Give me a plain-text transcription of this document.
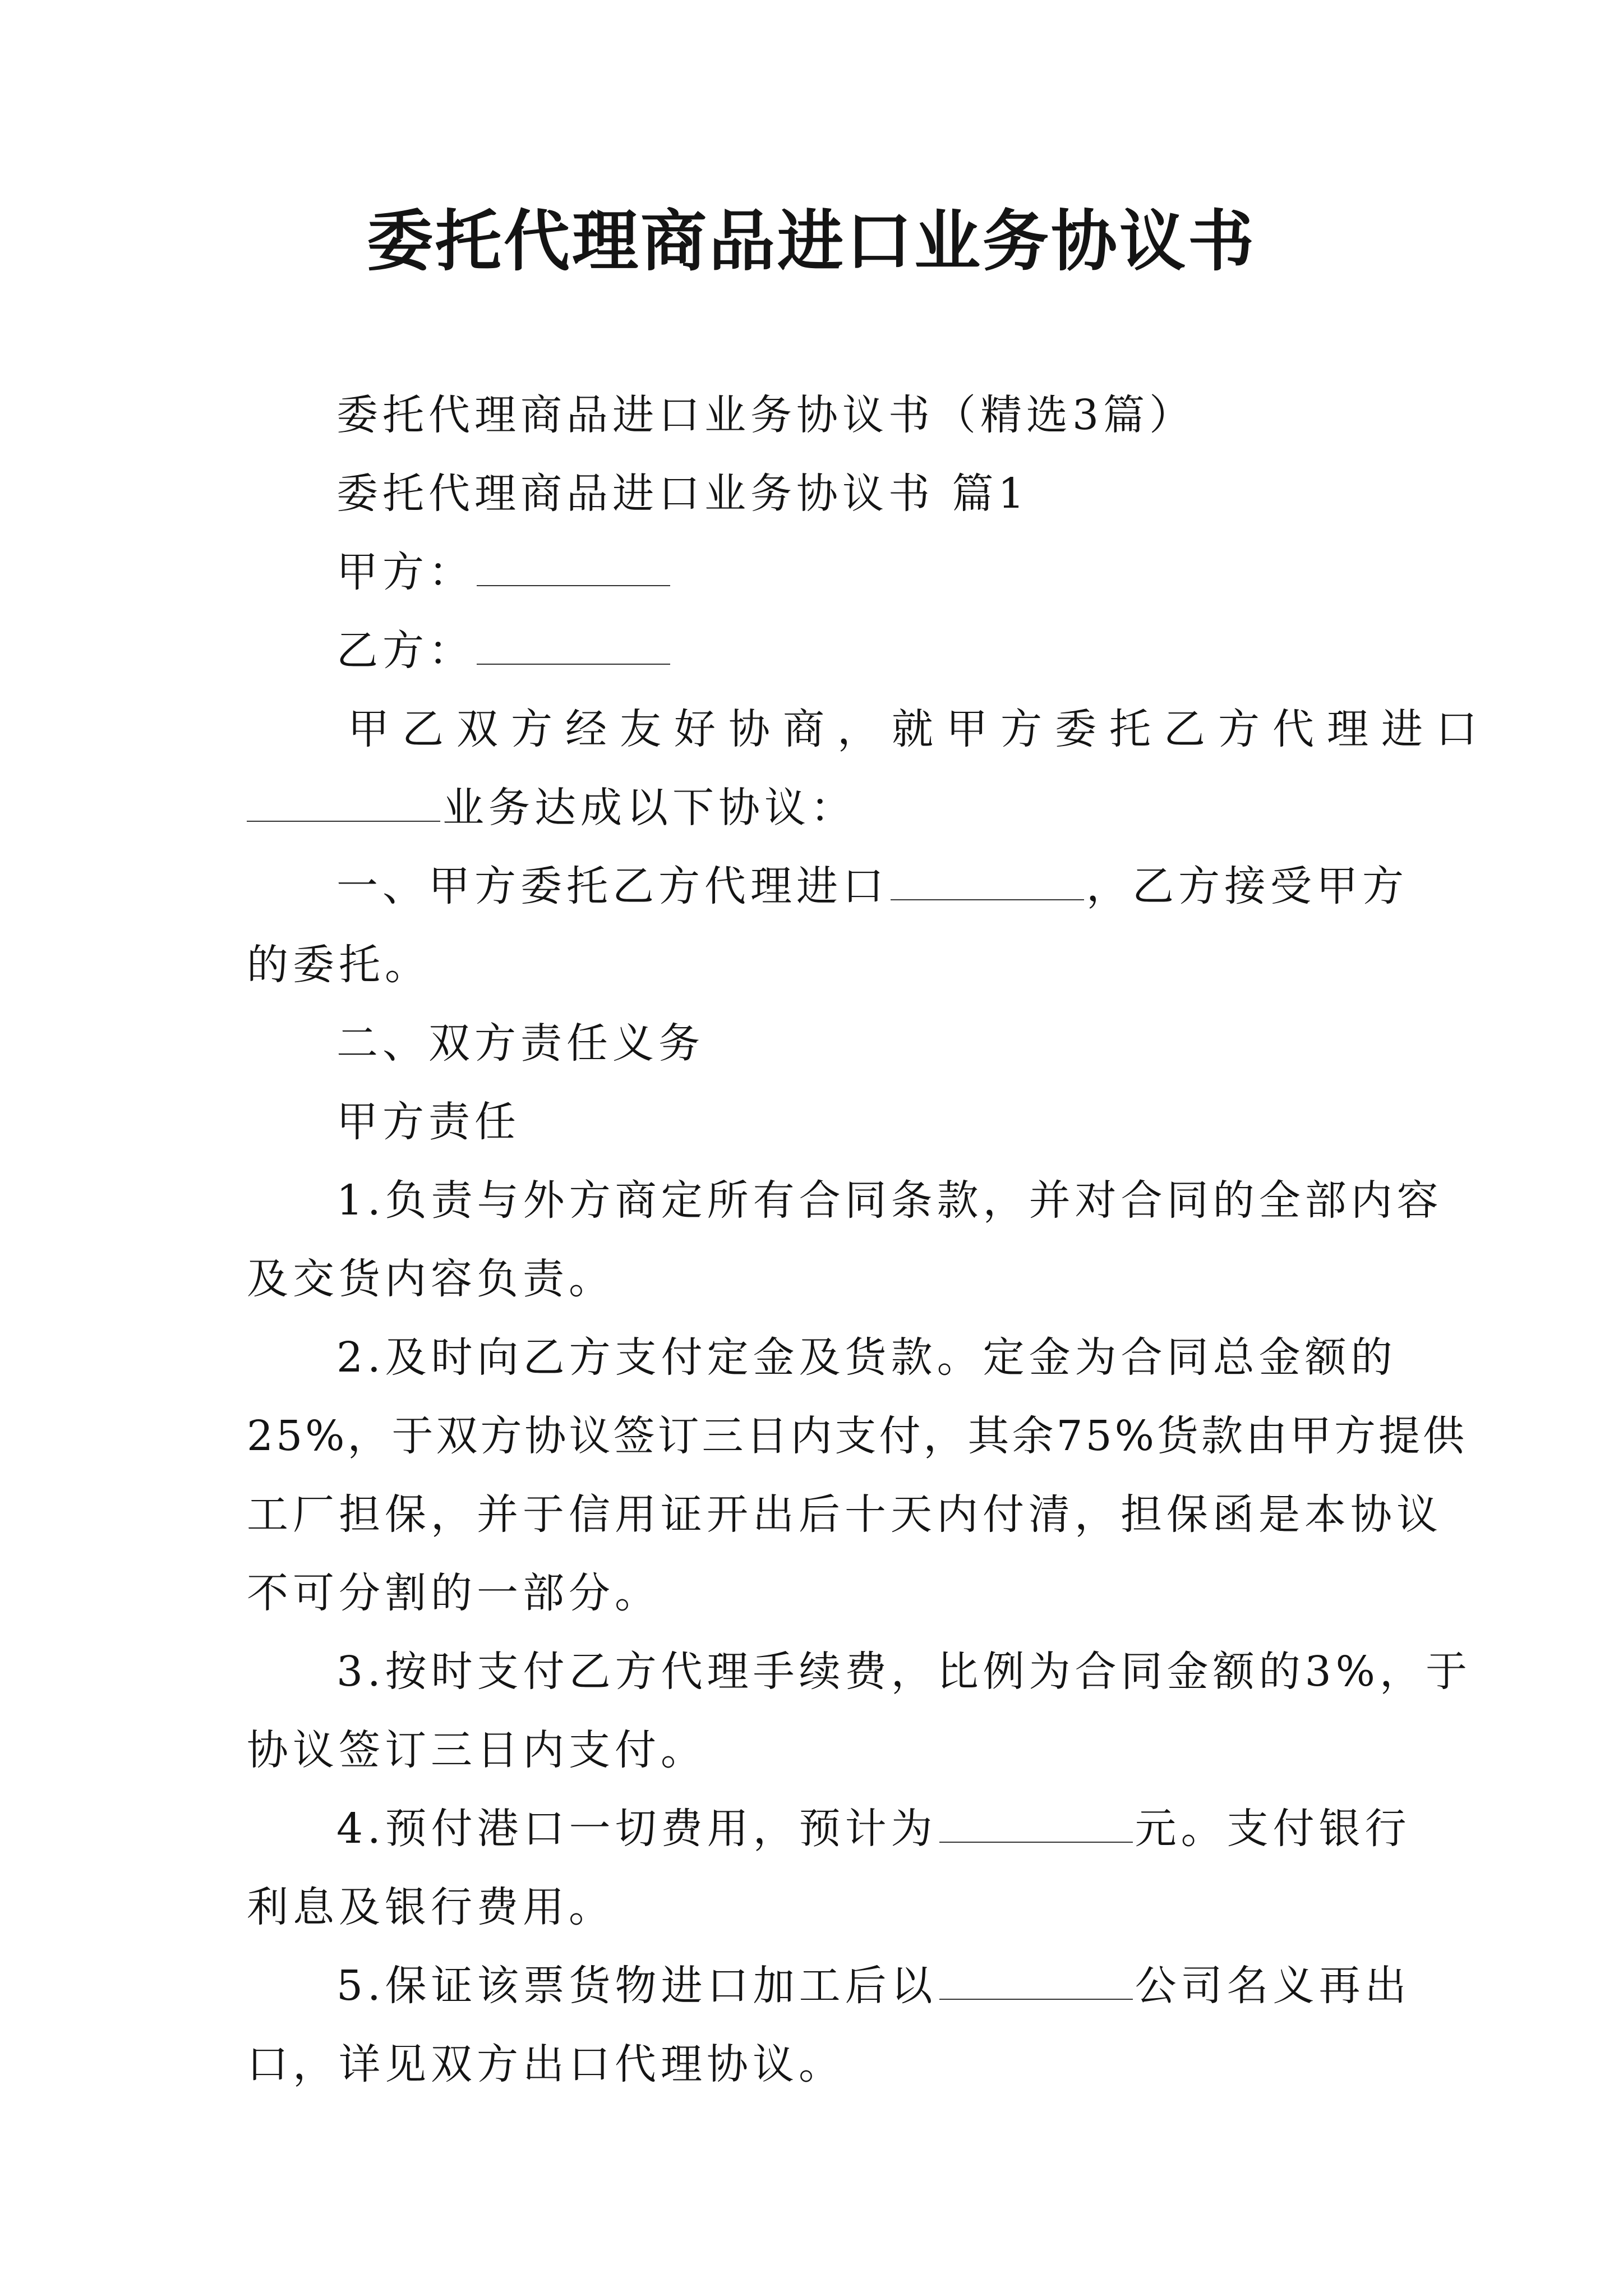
委托代理商品进口业务协议书
委托代理商品进口业务协议书（精选3篇）
委托代理商品进口业务协议书 篇1
甲方：
乙方：
甲乙双方经友好协商，就甲方委托乙方代理进口
业务达成以下协议：
一、甲方委托乙方代理进口	，乙方接受甲方
的委托。
二、双方责任义务
甲方责任
1.负责与外方商定所有合同条款，并对合同的全部内容
及交货内容负责。
2.及时向乙方支付定金及货款。定金为合同总金额的
25%，于双方协议签订三日内支付，其余75%货款由甲方提供
工厂担保，并于信用证开出后十天内付清，担保函是本协议
不可分割的一部分。
3.按时支付乙方代理手续费，比例为合同金额的3%，于
协议签订三日内支付。
4.预付港口一切费用，预计为	元。支付银行
利息及银行费用。
5.保证该票货物进口加工后以	公司名义再出
口，详见双方出口代理协议。
